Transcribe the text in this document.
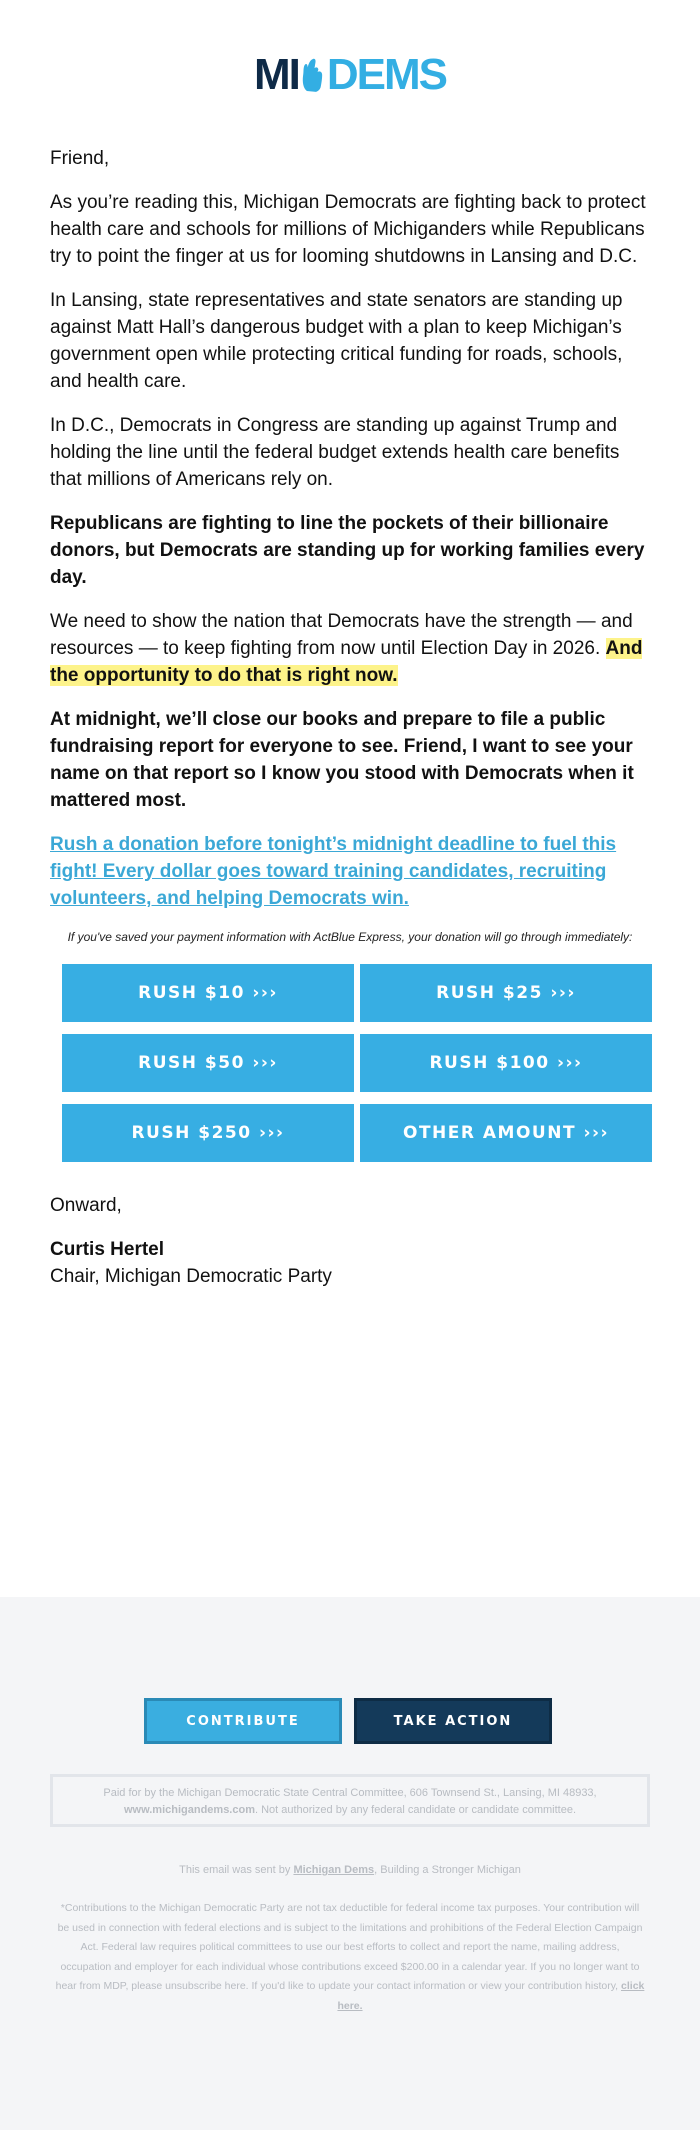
MI DEMS

Friend,

As you’re reading this, Michigan Democrats are fighting back to protect health care and schools for millions of Michiganders while Republicans try to point the finger at us for looming shutdowns in Lansing and D.C.

In Lansing, state representatives and state senators are standing up against Matt Hall’s dangerous budget with a plan to keep Michigan’s government open while protecting critical funding for roads, schools, and health care.

In D.C., Democrats in Congress are standing up against Trump and holding the line until the federal budget extends health care benefits that millions of Americans rely on.

Republicans are fighting to line the pockets of their billionaire donors, but Democrats are standing up for working families every day.

We need to show the nation that Democrats have the strength — and resources — to keep fighting from now until Election Day in 2026. And the opportunity to do that is right now.

At midnight, we’ll close our books and prepare to file a public fundraising report for everyone to see. Friend, I want to see your name on that report so I know you stood with Democrats when it mattered most.

Rush a donation before tonight’s midnight deadline to fuel this fight! Every dollar goes toward training candidates, recruiting volunteers, and helping Democrats win.

If you've saved your payment information with ActBlue Express, your donation will go through immediately:

RUSH $10 ›››	RUSH $25 ›››
RUSH $50 ›››	RUSH $100 ›››
RUSH $250 ›››	OTHER AMOUNT ›››

Onward,

Curtis Hertel

Chair, Michigan Democratic Party

CONTRIBUTE	TAKE ACTION
Paid for by the Michigan Democratic State Central Committee, 606 Townsend St., Lansing, MI 48933, www.michigandems.com. Not authorized by any federal candidate or candidate committee.
This email was sent by Michigan Dems, Building a Stronger Michigan
*Contributions to the Michigan Democratic Party are not tax deductible for federal income tax purposes. Your contribution will be used in connection with federal elections and is subject to the limitations and prohibitions of the Federal Election Campaign Act. Federal law requires political committees to use our best efforts to collect and report the name, mailing address, occupation and employer for each individual whose contributions exceed $200.00 in a calendar year. If you no longer want to hear from MDP, please unsubscribe here. If you'd like to update your contact information or view your contribution history, click here.
